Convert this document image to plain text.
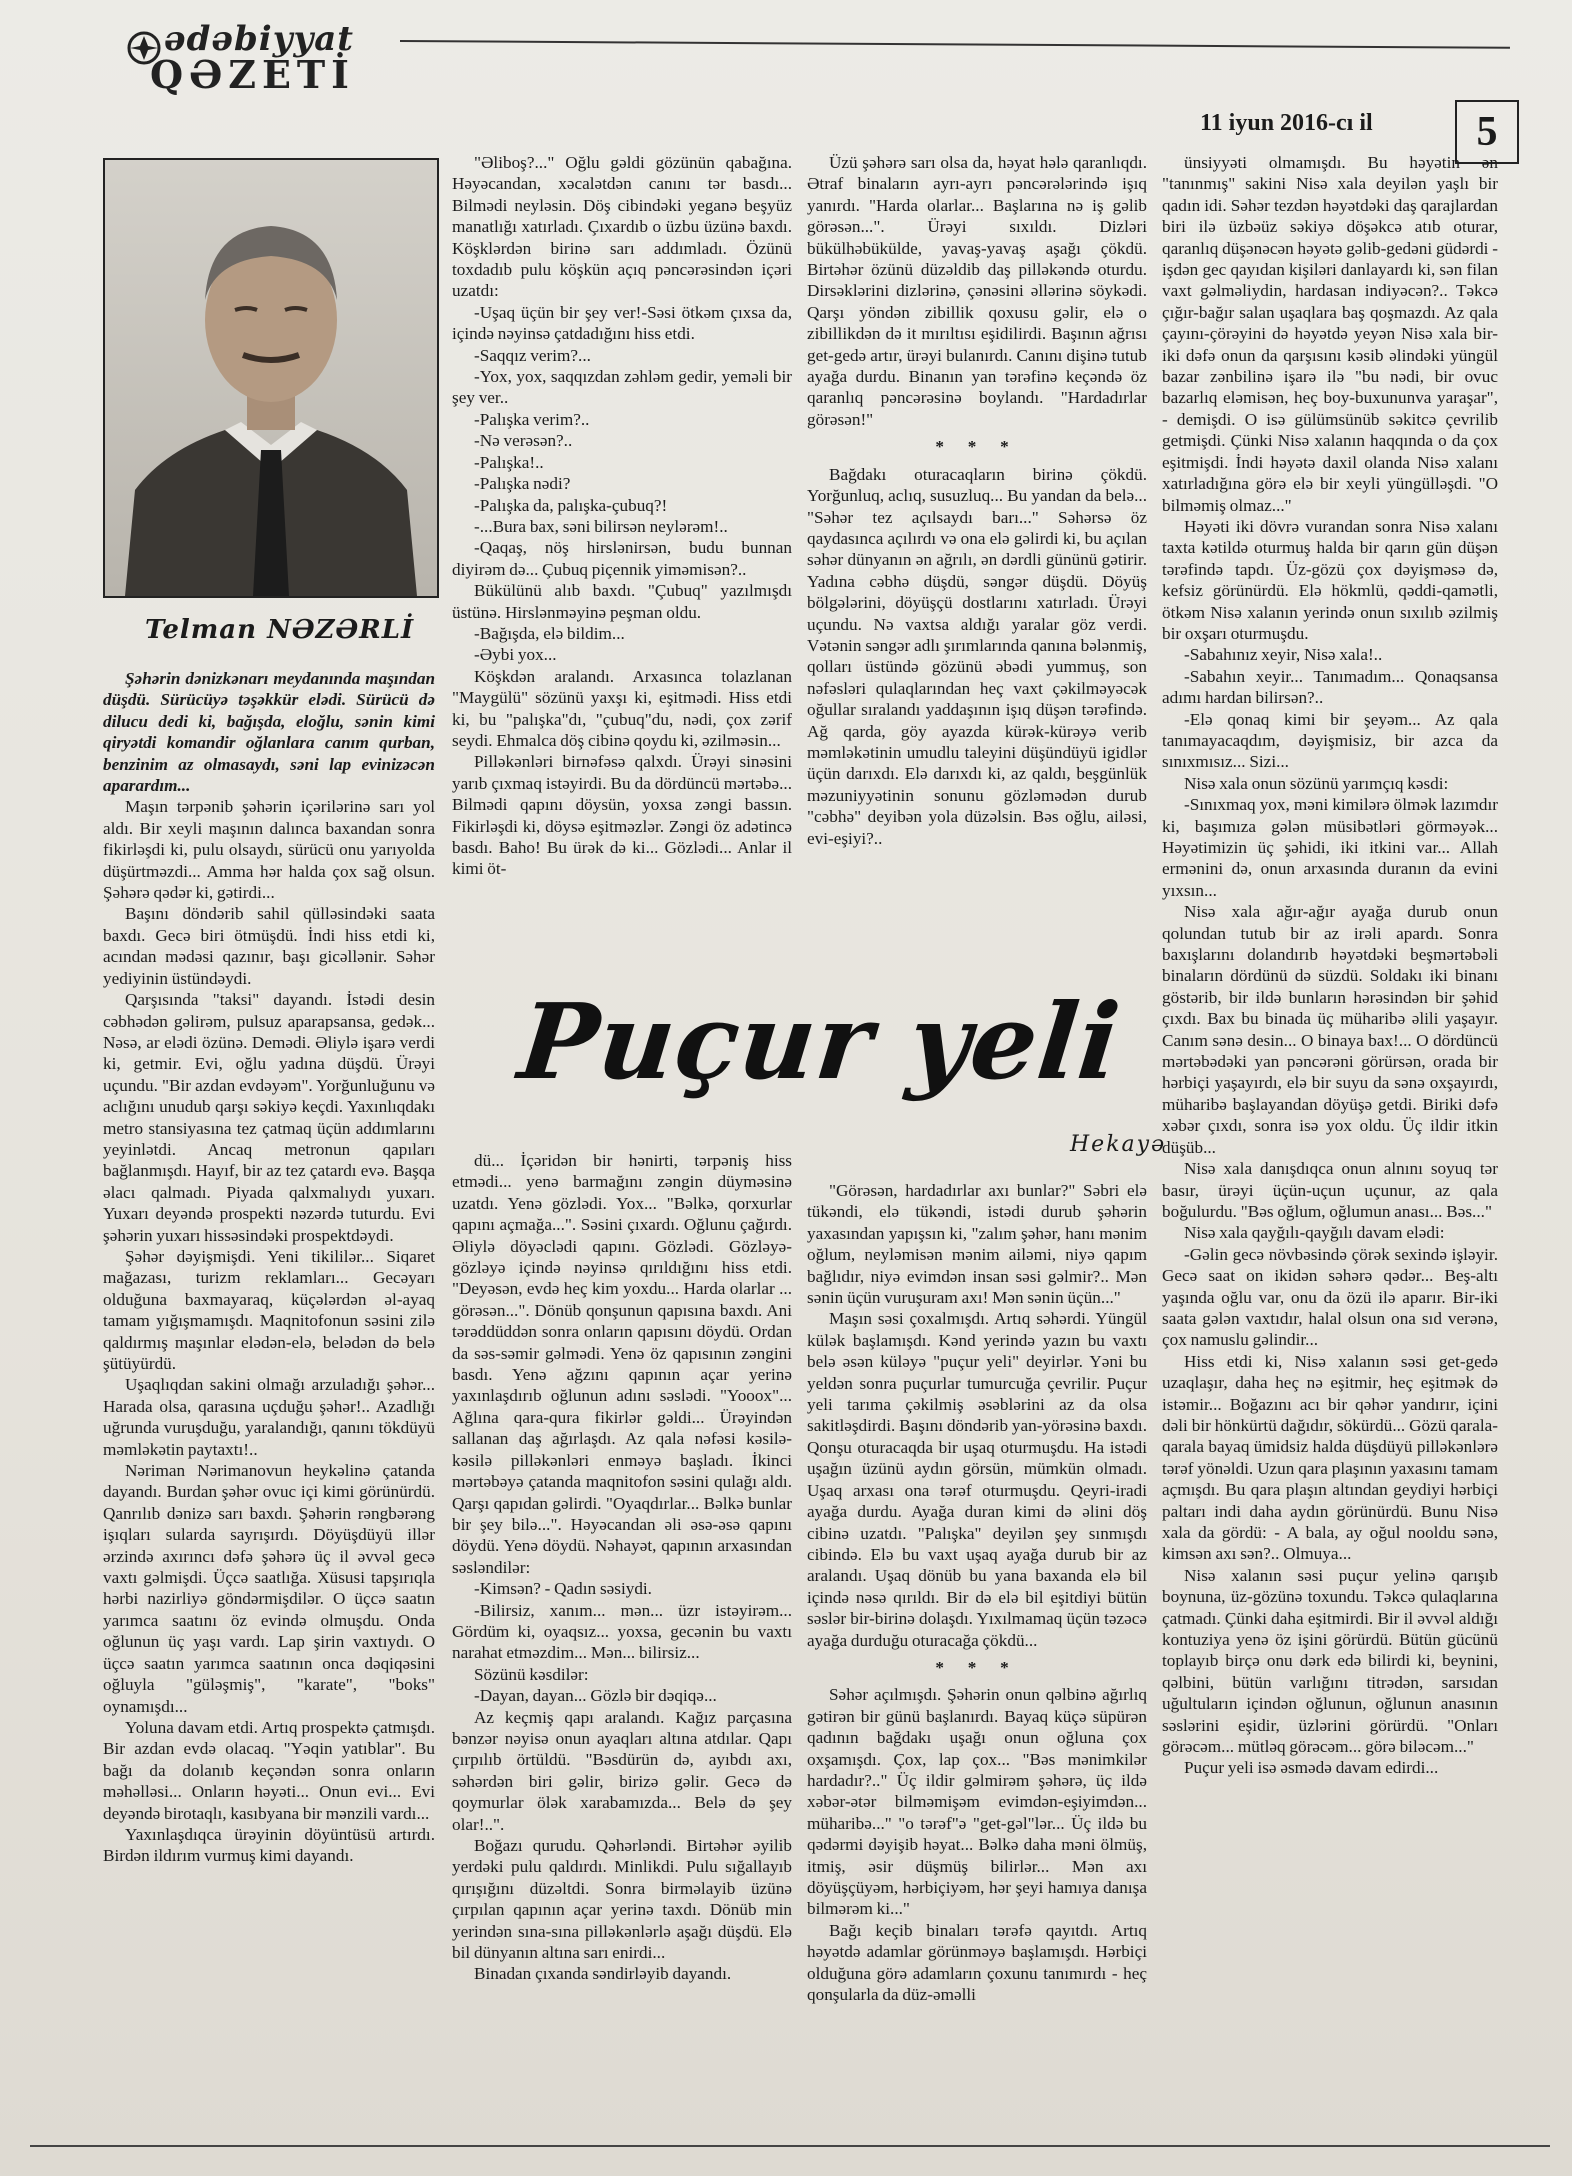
ədəbiyyat
QƏZETİ
11 iyun 2016-cı il	5
Telman NƏZƏRLİ

Şəhərin dənizkənarı meydanında maşından düşdü. Sürücüyə təşəkkür elədi. Sürücü də dilucu dedi ki, bağışda, eloğlu, sənin kimi qiryətdi komandir oğlanlara canım qurban, benzinim az olmasaydı, səni lap evinizəcən aparardım...

Maşın tərpənib şəhərin içərilərinə sarı yol aldı. Bir xeyli maşının dalınca baxandan sonra fikirləşdi ki, pulu olsaydı, sürücü onu yarıyolda düşürtməzdi... Amma hər halda çox sağ olsun. Şəhərə qədər ki, gətirdi...

Başını döndərib sahil qülləsindəki saata baxdı. Gecə biri ötmüşdü. İndi hiss etdi ki, acından mədəsi qazınır, başı gicəllənir. Səhər yediyinin üstündəydi.

Qarşısında "taksi" dayandı. İstədi desin cəbhədən gəlirəm, pulsuz aparарsansa, gedək... Nəsə, ar elədi özünə. Demədi. Əliylə işarə verdi ki, getmir. Evi, oğlu yadına düşdü. Ürəyi uçundu. "Bir azdan evdəyəm". Yorğunluğunu və aclığını unudub qarşı səkiyə keçdi. Yaxınlıqdakı metro stansiyasına tez çatmaq üçün addımlarını yeyinlətdi. Ancaq metronun qapıları bağlanmışdı. Hayıf, bir az tez çatardı evə. Başqa əlacı qalmadı. Piyada qalxmalıydı yuxarı. Yuxarı deyəndə prospekti nəzərdə tuturdu. Evi şəhərin yuxarı hissəsindəki prospektdəydi.

Şəhər dəyişmişdi. Yeni tikililər... Siqaret mağazası, turizm reklamları... Gecəyarı olduğuna baxmayaraq, küçələrdən əl-ayaq tamam yığışmamışdı. Maqnitofonun səsini zilə qaldırmış maşınlar elədən-elə, belədən də belə şütüyürdü.

Uşaqlıqdan sakini olmağı arzuladığı şəhər... Harada olsa, qarasına uçduğu şəhər!.. Azadlığı uğrunda vuruşduğu, yaralandığı, qanını tökdüyü məmləkətin paytaxtı!..

Nəriman Nərimanovun heykəlinə çatanda dayandı. Burdan şəhər ovuc içi kimi görünürdü. Qanrılıb dənizə sarı baxdı. Şəhərin rəngbərəng işıqları sularda sayrışırdı. Döyüşdüyü illər ərzində axırıncı dəfə şəhərə üç il əvvəl gecə vaxtı gəlmişdi. Üçcə saatlığa. Xüsusi tapşırıqla hərbi nazirliyə göndərmişdilər. O üçcə saatın yarımca saatını öz evində olmuşdu. Onda oğlunun üç yaşı vardı. Lap şirin vaxtıydı. O üçcə saatın yarımca saatının onca dəqiqəsini oğluyla "güləşmiş", "karate", "boks" oynamışdı...

Yoluna davam etdi. Artıq prospektə çatmışdı. Bir azdan evdə olacaq. "Yəqin yatıblar". Bu bağı da dolanıb keçəndən sonra onların məhəlləsi... Onların həyəti... Onun evi... Evi deyəndə birotaqlı, kasıbyana bir mənzili vardı...

Yaxınlaşdıqca ürəyinin döyüntüsü artırdı. Birdən ildırım vurmuş kimi dayandı.

"Əliboş?..." Oğlu gəldi gözünün qabağına. Həyəcandan, xəcalətdən canını tər basdı... Bilmədi neyləsin. Döş cibindəki yeganə beşyüz manatlığı xatırladı. Çıxardıb o üzbu üzünə baxdı. Köşklərdən birinə sarı addımladı. Özünü toxdadıb pulu köşkün açıq pəncərəsindən içəri uzatdı:

-Uşaq üçün bir şey ver!-Səsi ötkəm çıxsa da, içində nəyinsə çatdadığını hiss etdi.

-Saqqız verim?...

-Yox, yox, saqqızdan zəhləm gedir, yeməli bir şey ver..

-Palışka verim?..

-Nə verəsən?..

-Palışka!..

-Palışka nədi?

-Palışka da, palışka-çubuq?!

-...Bura bax, səni bilirsən neylərəm!..

-Qaqaş, nöş hirslənirsən, budu bunnan diyirəm də... Çubuq piçennik yiməmisən?..

Bükülünü alıb baxdı. "Çubuq" yazılmışdı üstünə. Hirslənməyinə peşman oldu.

-Bağışda, elə bildim...

-Əybi yox...

Köşkdən aralandı. Arxasınca tolazlanan "Maygülü" sözünü yaxşı ki, eşitmədi. Hiss etdi ki, bu "palışka"dı, "çubuq"du, nədi, çox zərif seydi. Ehmalca döş cibinə qoydu ki, əzilməsin...

Pilləkənləri birnəfəsə qalxdı. Ürəyi sinəsini yarıb çıxmaq istəyirdi. Bu da dördüncü mərtəbə... Bilmədi qapını döysün, yoxsa zəngi bassın. Fikirləşdi ki, döysə eşitməzlər. Zəngi öz adətincə basdı. Baho! Bu ürək də ki... Gözlədi... Anlar il kimi öt-

Üzü şəhərə sarı olsa da, həyat hələ qaranlıqdı. Ətraf binaların ayrı-ayrı pəncərələrində işıq yanırdı. "Harda olarlar... Başlarına nə iş gəlib görəsən...". Ürəyi sıxıldı. Dizləri bükülhəbükülde, yavaş-yavaş aşağı çökdü. Birtəhər özünü düzəldib daş pilləkəndə oturdu. Dirsəklərini dizlərinə, çənəsini əllərinə söykədi. Qarşı yöndən zibillik qoxusu gəlir, elə o zibillikdən də it mırıltısı eşidilirdi. Başının ağrısı get-gedə artır, ürəyi bulanırdı. Canını dişinə tutub ayağa durdu. Binanın yan tərəfinə keçəndə öz qaranlıq pəncərəsinə boylandı. "Hardadırlar görəsən!"

* * *

Bağdakı oturacaqların birinə çökdü. Yorğunluq, aclıq, susuzluq... Bu yandan da belə... "Səhər tez açılsaydı barı..." Səhərsə öz qaydasınca açılırdı və ona elə gəlirdi ki, bu açılan səhər dünyanın ən ağrılı, ən dərdli gününü gətirir. Yadına cəbhə düşdü, səngər düşdü. Döyüş bölgələrini, döyüşçü dostlarını xatırladı. Ürəyi uçundu. Nə vaxtsa aldığı yaralar göz verdi. Vətənin səngər adlı şırımlarında qanına bələnmiş, qolları üstündə gözünü əbədi yummuş, son nəfəsləri qulaqlarından heç vaxt çəkilməyəcək oğullar sıralandı yaddaşının işıq düşən tərəfində. Ağ qarda, göy ayazda kürək-kürəyə verib məmləkətinin umudlu taleyini düşündüyü igidlər üçün darıxdı. Elə darıxdı ki, az qaldı, beşgünlük məzuniyyətinin sonunu gözləmədən durub "cəbhə" deyibən yola düzəlsin. Bəs oğlu, ailəsi, evi-eşiyi?..

ünsiyyəti olmamışdı. Bu həyətin ən "tanınmış" sakini Nisə xala deyilən yaşlı bir qadın idi. Səhər tezdən həyətdəki daş qarajlardan biri ilə üzbəüz səkiyə döşəkcə atıb oturar, qaranlıq düşənəcən həyətə gəlib-gedəni güdərdi - işdən gec qayıdan kişiləri danlayardı ki, sən filan vaxt gəlməliydin, hardasan indiyəcən?.. Təkcə çığır-bağır salan uşaqlara baş qoşmazdı. Az qala çayını-çörəyini də həyətdə yeyən Nisə xala bir-iki dəfə onun da qarşısını kəsib əlindəki yüngül bazar zənbilinə işarə ilə "bu nədi, bir ovuc bazarlıq eləmisən, heç boy-buxununva yaraşar", - demişdi. O isə gülümsünüb səkitcə çevrilib getmişdi. Çünki Nisə xalanın haqqında o da çox eşitmişdi. İndi həyətə daxil olanda Nisə xalanı xatırladığına görə elə bir xeyli yüngülləşdi. "O bilməmiş olmaz..."

Həyəti iki dövrə vurandan sonra Nisə xalanı taxta kətildə oturmuş halda bir qarın gün düşən tərəfində tapdı. Üz-gözü çox dəyişməsə də, kefsiz görünürdü. Elə hökmlü, qəddi-qamətli, ötkəm Nisə xalanın yerində onun sıxılıb əzilmiş bir oxşarı oturmuşdu.

-Sabahınız xeyir, Nisə xala!..

-Sabahın xeyir... Tanımadım... Qonaqsansa adımı hardan bilirsən?..

-Elə qonaq kimi bir şeyəm... Az qala tanımayacaqdım, dəyişmisiz, bir azca da sınıxmısız... Sizi...

Nisə xala onun sözünü yarımçıq kəsdi:

-Sınıxmaq yox, məni kimilərə ölmək lazımdır ki, başımıza gələn müsibətləri görməyək... Həyətimizin üç şəhidi, iki itkini var... Allah ermənini də, onun arxasında duranın da evini yıxsın...

Nisə xala ağır-ağır ayağa durub onun qolundan tutub bir az irəli apardı. Sonra baxışlarını dolandırıb həyətdəki beşmərtəbəli binaların dördünü də süzdü. Soldakı iki binanı göstərib, bir ildə bunların hərəsindən bir şəhid çıxdı. Bax bu binada üç müharibə əlili yaşayır. Canım sənə desin... O binaya bax!... O dördüncü mərtəbədəki yan pəncərəni görürsən, orada bir hərbiçi yaşayırdı, elə bir suyu da sənə oxşayırdı, müharibə başlayandan döyüşə getdi. Biriki dəfə xəbər çıxdı, sonra isə yox oldu. Üç ildir itkin düşüb...

Nisə xala danışdıqca onun alnını soyuq tər basır, ürəyi üçün-uçun uçunur, az qala boğulurdu. "Bəs oğlum, oğlumun anası... Bəs..."

Nisə xala qayğılı-qayğılı davam elədi:

-Gəlin gecə növbəsində çörək sexində işləyir. Gecə saat on ikidən səhərə qədər... Beş-altı yaşında oğlu var, onu da özü ilə aparır. Bir-iki saata gələn vaxtıdır, halal olsun ona sıd verənə, çox namuslu gəlindir...

Hiss etdi ki, Nisə xalanın səsi get-gedə uzaqlaşır, daha heç nə eşitmir, heç eşitmək də istəmir... Boğazını acı bir qəhər yandırır, içini dəli bir hönkürtü dağıdır, sökürdü... Gözü qarala-qarala bayaq ümidsiz halda düşdüyü pilləkənlərə tərəf yönəldi. Uzun qara plaşının yaxasını tamam açmışdı. Bu qara plaşın altından geydiyi hərbiçi paltarı indi daha aydın görünürdü. Bunu Nisə xala da gördü: - A bala, ay oğul nooldu sənə, kimsən axı sən?.. Olmuya...

Nisə xalanın səsi puçur yelinə qarışıb boynuna, üz-gözünə toxundu. Təkcə qulaqlarına çatmadı. Çünki daha eşitmirdi. Bir il əvvəl aldığı kontuziya yenə öz işini görürdü. Bütün gücünü toplayıb birçə onu dərk edə bilirdi ki, beynini, qəlbini, bütün varlığını titrədən, sarsıdan uğultuların içindən oğlunun, oğlunun anasının səslərini eşidir, üzlərini görürdü. "Onları görəcəm... mütləq görəcəm... görə biləcəm..."

Puçur yeli isə əsmədə davam edirdi...

Puçur yeli
Hekayə

dü... İçəridən bir hənirti, tərpəniş hiss etmədi... yenə barmağını zəngin düyməsinə uzatdı. Yenə gözlədi. Yox... "Bəlkə, qorxurlar qapını açmağa...". Səsini çıxardı. Oğlunu çağırdı. Əliylə döyəclədi qapını. Gözlədi. Gözləyə-gözləyə içində nəyinsə qırıldığını hiss etdi. "Deyəsən, evdə heç kim yoxdu... Harda olarlar ... görəsən...". Dönüb qonşunun qapısına baxdı. Ani tərəddüddən sonra onların qapısını döydü. Ordan da səs-səmir gəlmədi. Yenə öz qapısının zəngini basdı. Yenə ağzını qapının açar yerinə yaxınlaşdırıb oğlunun adını səslədi. "Yooox"... Ağlına qara-qura fikirlər gəldi... Ürəyindən sallanan daş ağırlaşdı. Az qala nəfəsi kəsilə-kəsilə pilləkənləri enməyə başladı. İkinci mərtəbəyə çatanda maqnitofon səsini qulağı aldı. Qarşı qapıdan gəlirdi. "Oyaqdırlar... Bəlkə bunlar bir şey bilə...". Həyəcandan əli əsə-əsə qapını döydü. Yenə döydü. Nəhayət, qapının arxasından səsləndilər:

-Kimsən? - Qadın səsiydi.

-Bilirsiz, xanım... mən... üzr istəyirəm... Gördüm ki, oyaqsız... yoxsa, gecənin bu vaxtı narahat etməzdim... Mən... bilirsiz...

Sözünü kəsdilər:

-Dayan, dayan... Gözlə bir dəqiqə...

Az keçmiş qapı aralandı. Kağız parçasına bənzər nəyisə onun ayaqları altına atdılar. Qapı çırpılıb örtüldü. "Bəsdürün də, ayıbdı axı, səhərdən biri gəlir, birizə gəlir. Gecə də qoymurlar ölək xarabamızda... Belə də şey olar!..".

Boğazı qurudu. Qəhərləndi. Birtəhər əyilib yerdəki pulu qaldırdı. Minlikdi. Pulu sığallayıb qırışığını düzəltdi. Sonra birməlayib üzünə çırpılan qapının açar yerinə taxdı. Dönüb min yerindən sına-sına pilləkənlərlə aşağı düşdü. Elə bil dünyanın altına sarı enirdi...

Binadan çıxanda səndirləyib dayandı.

"Görəsən, hardadırlar axı bunlar?" Səbri elə tükəndi, elə tükəndi, istədi durub şəhərin yaxasından yapışsın ki, "zalım şəhər, hanı mənim oğlum, neyləmisən mənim ailəmi, niyə qapım bağlıdır, niyə evimdən insan səsi gəlmir?.. Mən sənin üçün vuruşuram axı! Mən sənin üçün..."

Maşın səsi çoxalmışdı. Artıq səhərdi. Yüngül külək başlamışdı. Kənd yerində yazın bu vaxtı belə əsən küləyə "puçur yeli" deyirlər. Yəni bu yeldən sonra puçurlar tumurcuğa çevrilir. Puçur yeli tarıma çəkilmiş əsəblərini az da olsa sakitləşdirdi. Başını döndərib yan-yörəsinə baxdı. Qonşu oturacaqda bir uşaq oturmuşdu. Ha istədi uşağın üzünü aydın görsün, mümkün olmadı. Uşaq arxası ona tərəf oturmuşdu. Qeyri-iradi ayağa durdu. Ayağa duran kimi də əlini döş cibinə uzatdı. "Palışka" deyilən şey sınmışdı cibində. Elə bu vaxt uşaq ayağa durub bir az aralandı. Uşaq dönüb bu yana baxanda elə bil içində nəsə qırıldı. Bir də elə bil eşitdiyi bütün səslər bir-birinə dolaşdı. Yıxılmamaq üçün təzəcə ayağa durduğu oturacağa çökdü...

* * *

Səhər açılmışdı. Şəhərin onun qəlbinə ağırlıq gətirən bir günü başlanırdı. Bayaq küçə süpürən qadının bağdakı uşağı onun oğluna çox oxşamışdı. Çox, lap çox... "Bəs mənimkilər hardadır?.." Üç ildir gəlmirəm şəhərə, üç ildə xəbər-ətər bilməmişəm evimdən-eşiyimdən... müharibə..." "o tərəf"ə "get-gəl"lər... Üç ildə bu qədərmi dəyişib həyat... Bəlkə daha məni ölmüş, itmiş, əsir düşmüş bilirlər... Mən axı döyüşçüyəm, hərbiçiyəm, hər şeyi hamıya danışa bilmərəm ki..."

Bağı keçib binaları tərəfə qayıtdı. Artıq həyətdə adamlar görünməyə başlamışdı. Hərbiçi olduğuna görə adamların çoxunu tanımırdı - heç qonşularla da düz-əməlli
